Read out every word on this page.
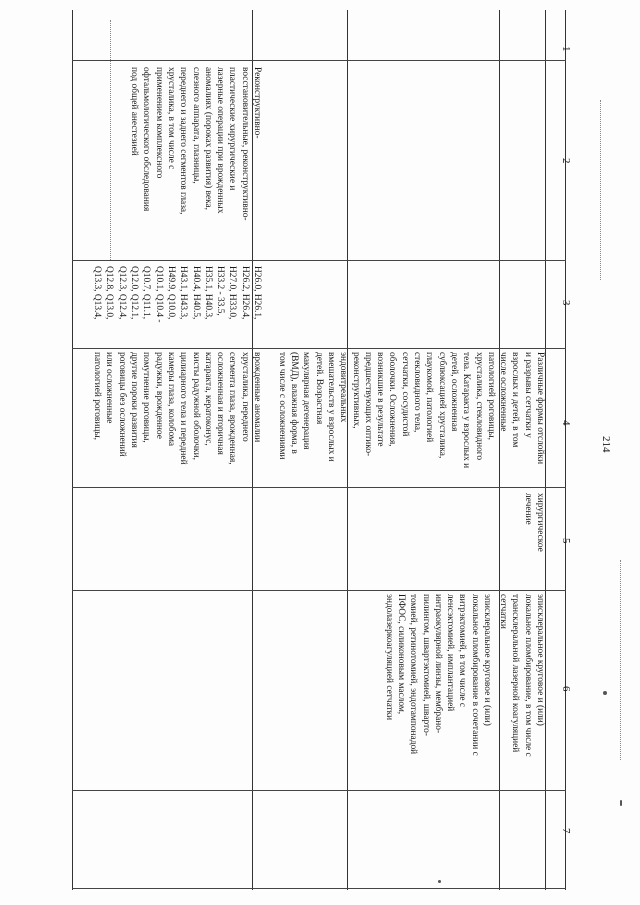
1
2
3
4
5
6
7
214
Реконструктивно-
восстановительные, реконструктивно-
пластические хирургические и
лазерные операции при врожденных
аномалиях (пороках развития) века,
слезного аппарата, глазницы,
переднего и заднего сегментов глаза,
хрусталика, в том числе с
применением комплексного
офтальмологического обследования
под общей анестезией
H26.0, H26.1,
H26.2, H26.4,
H27.0, H33.0,
H33.2 - 33.5,
H35.1, H40.3,
H40.4, H40.5,
H43.1, H43.3,
H49.9, Q10.0,
Q10.1, Q10.4 -
Q10.7, Q11.1,
Q12.0, Q12.1,
Q12.3, Q12.4,
Q12.8, Q13.0,
Q13.3, Q13.4,
Различные формы отслойки
и разрывы сетчатки у
взрослых и детей, в том
числе осложненные
патологией роговицы,
хрусталика, стекловидного
тела. Катаракта у взрослых и
детей, осложненная
сублюксацией хрусталика,
глаукомой, патологией
стекловидного тела,
сетчатки, сосудистой
оболочки. Осложнения,
возникшие в результате
предшествующих оптико-
реконструктивных,
эндовитреальных
вмешательств у взрослых и
детей. Возрастная
макулярная дегенерация
(ВМД), влажная форма, в
том числе с осложнениями
врожденные аномалии
хрусталика, переднего
сегмента глаза, врожденная,
осложненная и вторичная
катаракта, кератоконус,
кисты радужной оболочки,
цилиарного тела и передней
камеры глаза, колобома
радужки, врожденное
помутнение роговицы,
другие пороки развития
роговицы без осложнений
или осложненные
патологией роговицы,
хирургическое
лечение
эписклеральное круговое и (или)
локальное пломбирование, в том числе с
трансклеральной лазерной коагуляцией
сетчатки
эписклеральное круговое и (или)
локальное пломбирование в сочетании с
витрэктомией, в том числе с
ленсэктомией, имплантацией
интраокулярной линзы, мембрано-
пилингом, швартэктомией, швартo-
томией, ретинотомией, эндотампонадой
ПФОС, силиконовым маслом,
эндолазеркоагуляцией сетчатки
